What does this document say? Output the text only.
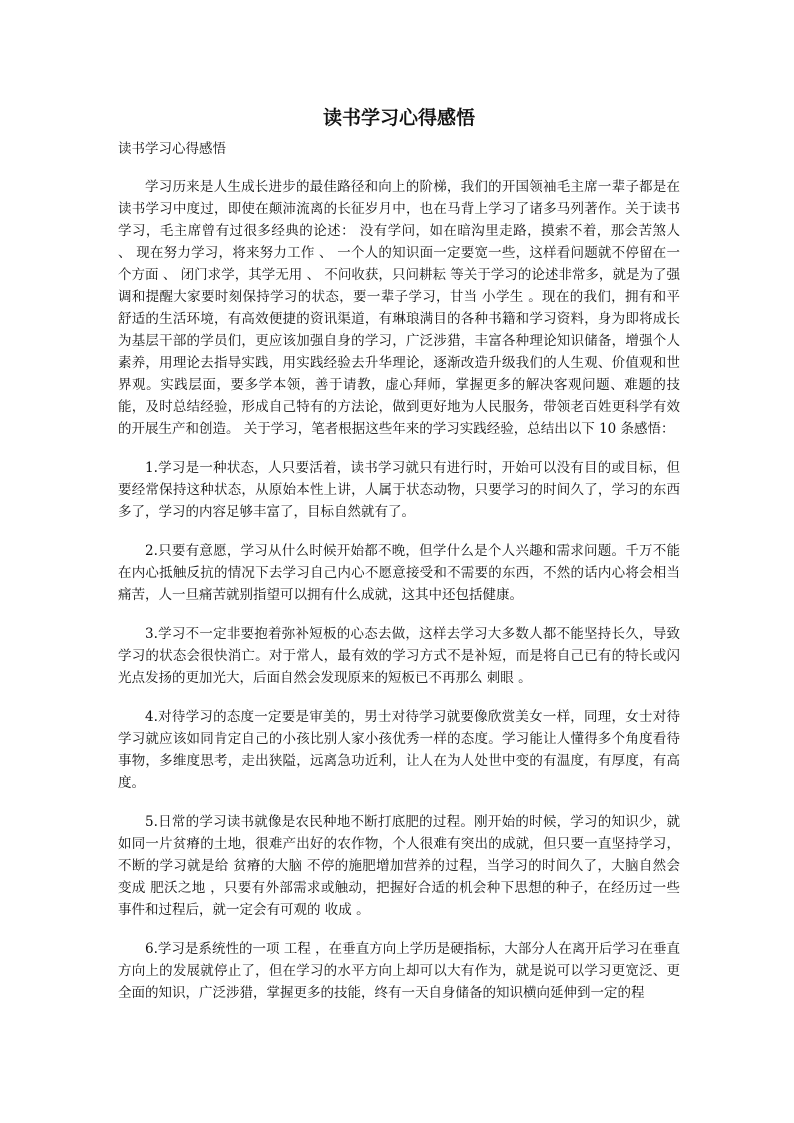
读书学习心得感悟
读书学习心得感悟

学习历来是人生成长进步的最佳路径和向上的阶梯，我们的开国领袖毛主席一辈子都是在读书学习中度过，即使在颠沛流离的长征岁月中，也在马背上学习了诸多马列著作。关于读书学习，毛主席曾有过很多经典的论述： 没有学问，如在暗沟里走路，摸索不着，那会苦煞人 、 现在努力学习，将来努力工作 、 一个人的知识面一定要宽一些，这样看问题就不停留在一个方面 、 闭门求学，其学无用 、 不问收获，只问耕耘 等关于学习的论述非常多，就是为了强调和提醒大家要时刻保持学习的状态，要一辈子学习，甘当 小学生 。现在的我们，拥有和平舒适的生活环境，有高效便捷的资讯渠道，有琳琅满目的各种书籍和学习资料，身为即将成长为基层干部的学员们，更应该加强自身的学习，广泛涉猎，丰富各种理论知识储备，增强个人素养，用理论去指导实践，用实践经验去升华理论，逐渐改造升级我们的人生观、价值观和世界观。实践层面，要多学本领，善于请教，虚心拜师，掌握更多的解决客观问题、难题的技能，及时总结经验，形成自己特有的方法论，做到更好地为人民服务，带领老百姓更科学有效的开展生产和创造。 关于学习，笔者根据这些年来的学习实践经验，总结出以下 10 条感悟：

1.学习是一种状态，人只要活着，读书学习就只有进行时，开始可以没有目的或目标，但要经常保持这种状态，从原始本性上讲，人属于状态动物，只要学习的时间久了，学习的东西多了，学习的内容足够丰富了，目标自然就有了。

2.只要有意愿，学习从什么时候开始都不晚，但学什么是个人兴趣和需求问题。千万不能在内心抵触反抗的情况下去学习自己内心不愿意接受和不需要的东西，不然的话内心将会相当痛苦，人一旦痛苦就别指望可以拥有什么成就，这其中还包括健康。

3.学习不一定非要抱着弥补短板的心态去做，这样去学习大多数人都不能坚持长久，导致学习的状态会很快消亡。对于常人，最有效的学习方式不是补短，而是将自己已有的特长或闪光点发扬的更加光大，后面自然会发现原来的短板已不再那么 刺眼 。

4.对待学习的态度一定要是审美的，男士对待学习就要像欣赏美女一样，同理，女士对待学习就应该如同肯定自己的小孩比别人家小孩优秀一样的态度。学习能让人懂得多个角度看待事物，多维度思考，走出狭隘，远离急功近利，让人在为人处世中变的有温度，有厚度，有高度。

5.日常的学习读书就像是农民种地不断打底肥的过程。刚开始的时候，学习的知识少，就如同一片贫瘠的土地，很难产出好的农作物，个人很难有突出的成就，但只要一直坚持学习，不断的学习就是给 贫瘠的大脑 不停的施肥增加营养的过程，当学习的时间久了，大脑自然会变成 肥沃之地 ，只要有外部需求或触动，把握好合适的机会种下思想的种子，在经历过一些事件和过程后，就一定会有可观的 收成 。

6.学习是系统性的一项 工程 ，在垂直方向上学历是硬指标，大部分人在离开后学习在垂直方向上的发展就停止了，但在学习的水平方向上却可以大有作为，就是说可以学习更宽泛、更全面的知识，广泛涉猎，掌握更多的技能，终有一天自身储备的知识横向延伸到一定的程
